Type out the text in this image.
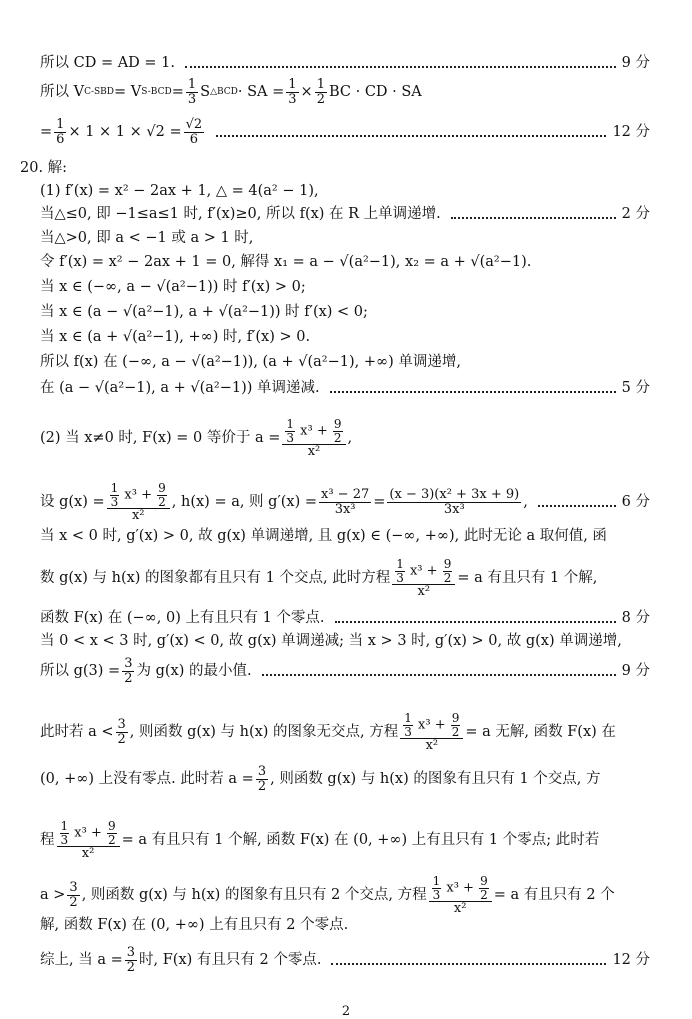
所以 CD = AD = 1.	9 分
所以 V C-SBD = V $S-BCD = \frac{1}{3}$ S △BCD · SA = $\frac{1}{3} \times \frac{1}{2}$ BC · CD · SA
= $\frac{1}{6} \times 1 \times 1 \times √2 = \frac{√2}{6}$	12 分
20. 解:
(1) f′(x) = x² − 2ax + 1, △ = 4(a² − 1),
当△≤0, 即 −1≤a≤1 时, f′(x)≥0, 所以 f(x) 在 R 上单调递增.	2 分
当△>0, 即 a < −1 或 a > 1 时,
令 f′(x) = x² − 2ax + 1 = 0, 解得 x₁ = a − √(a²−1), x₂ = a + √(a²−1).
当 x ∈ (−∞, a − √(a²−1)) 时 f′(x) > 0;
当 x ∈ (a − √(a²−1), a + √(a²−1)) 时 f′(x) < 0;
当 x ∈ (a + √(a²−1), +∞) 时, f′(x) > 0.
所以 f(x) 在 (−∞, a − √(a²−1)), (a + √(a²−1), +∞) 单调递增,
在 (a − √(a²−1), a + √(a²−1)) 单调递减.	5 分
(2) 当 x≠0 时, F(x) = 0 等价于 $a = \frac{\frac{1}{3} x^3 + \frac{9}{2}}{\text{x²}}$ ,
设 $g(x) = \frac{\frac{1}{3} x^3 + \frac{9}{2}}{\text{x²}}$ , h(x) = a, 则 $g'(x) = \frac{\text{x³ − 27}}{\text{3x³}} = \frac{\text{(x − 3)(x² + 3x + 9)}}{\text{3x³}}$ ,	6 分
当 x < 0 时, g′(x) > 0, 故 g(x) 单调递增, 且 g(x) ∈ (−∞, +∞), 此时无论 a 取何值, 函
数 g(x) 与 h(x) 的图象都有且只有 1 个交点, 此时方程 $\frac{\frac{1}{3} x^3 + \frac{9}{2}}{\text{x²}} = a$ 有且只有 1 个解,
函数 F(x) 在 (−∞, 0) 上有且只有 1 个零点.	8 分
当 0 < x < 3 时, g′(x) < 0, 故 g(x) 单调递减; 当 x > 3 时, g′(x) > 0, 故 g(x) 单调递增,
所以 $g(3) = \frac{3}{2}$ 为 g(x) 的最小值.	9 分
此时若 $a < \frac{3}{2}$ , 则函数 g(x) 与 h(x) 的图象无交点, 方程 $\frac{\frac{1}{3} x^3 + \frac{9}{2}}{\text{x²}} = a$ 无解, 函数 F(x) 在
(0, +∞) 上没有零点. 此时若 $a = \frac{3}{2}$ , 则函数 g(x) 与 h(x) 的图象有且只有 1 个交点, 方
程 $\frac{\frac{1}{3} x^3 + \frac{9}{2}}{\text{x²}} = a$ 有且只有 1 个解, 函数 F(x) 在 (0, +∞) 上有且只有 1 个零点; 此时若
$a > \frac{3}{2}$ , 则函数 g(x) 与 h(x) 的图象有且只有 2 个交点, 方程 $\frac{\frac{1}{3} x^3 + \frac{9}{2}}{\text{x²}} = a$ 有且只有 2 个
解, 函数 F(x) 在 (0, +∞) 上有且只有 2 个零点.
综上, 当 $a = \frac{3}{2}$ 时, F(x) 有且只有 2 个零点.	12 分
2
